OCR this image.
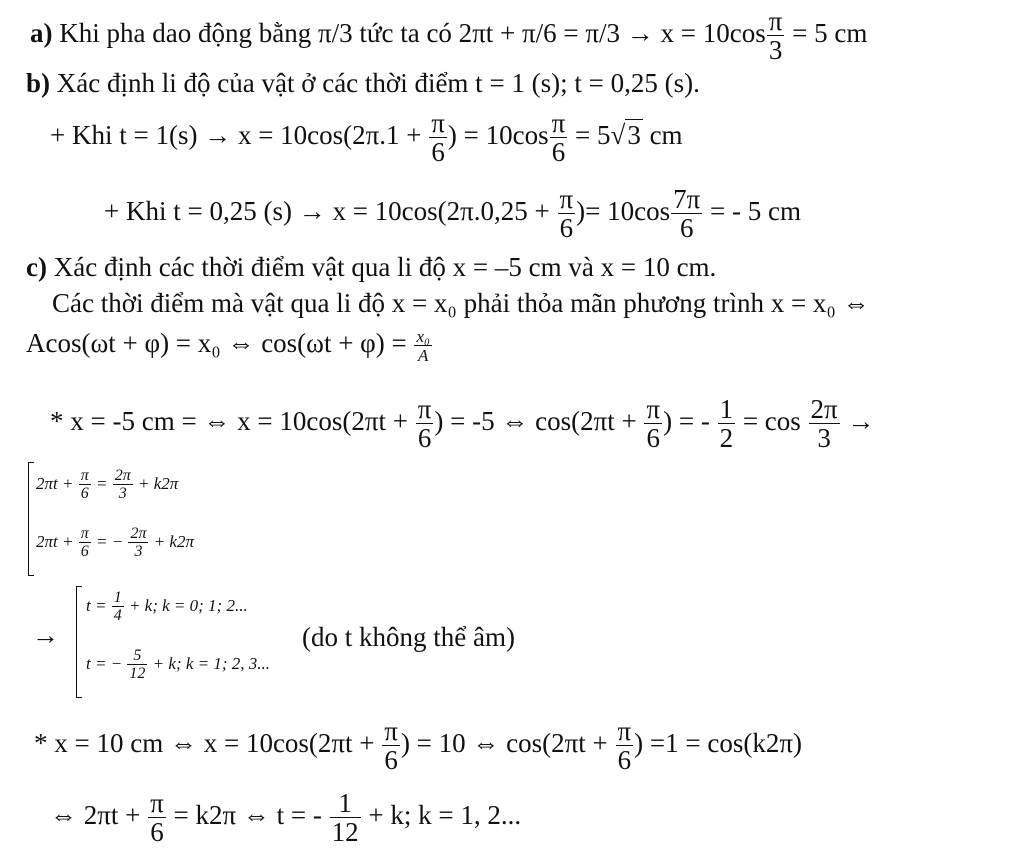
a) Khi pha dao động bằng π/3 tức ta có $2\pi t + \pi/6 = \pi/3 \to x = 10\cos \frac{\pi}{3} = 5$ cm
b) Xác định li độ của vật ở các thời điểm t = 1 (s); t = 0,25 (s).
+ Khi $t = 1(s) \to x = 10\cos(2\pi.1 + \frac{\pi}{6}$ ) = $10\cos \frac{\pi}{6} = 5√3$ cm
+ Khi t = 0,25 $(s) \to x = 10\cos(2\pi.0,25 + \frac{\pi}{6}$ )= $10\cos \frac{7\pi}{6}$ = - 5 cm
c) Xác định các thời điểm vật qua li độ x = –5 cm và x = 10 cm.
Các thời điểm mà vật qua li độ x = x₀ phải thỏa mãn phương trình x = x₀ ⇔
Acos(ωt + φ) = x₀ ⇔ $\cos(\omega t + \varphi) = \frac{\text{x₀}}{A}$
* x = -5 cm = ⇔ $x = 10\cos(2\pi t + \frac{\pi}{6}$ ) = -5 ⇔ $\cos(2\pi t + \frac{\pi}{6}$ ) = - $\frac{1}{2} = \cos \frac{2\pi}{3}$ →
$2\pi t + \frac{\pi}{6} = \frac{2\pi}{3} + k2\pi$
$2\pi t + \frac{\pi}{6}$ = − $\frac{2\pi}{3} + k2\pi$
→
$t = \frac{1}{4} + k$; k = 0; 1; 2...
t = − $\frac{5}{12} + k$; k = 1; 2, 3...
(do t không thể âm)
* x = 10 cm ⇔ $x = 10\cos(2\pi t + \frac{\pi}{6}$ ) = 10 ⇔ $\cos(2\pi t + \frac{\pi}{6}$ ) =1 = cos(k2π)
⇔ $2\pi t + \frac{\pi}{6} = k2\pi$ ⇔ t = - $\frac{1}{12} + k$; k = 1, 2...
